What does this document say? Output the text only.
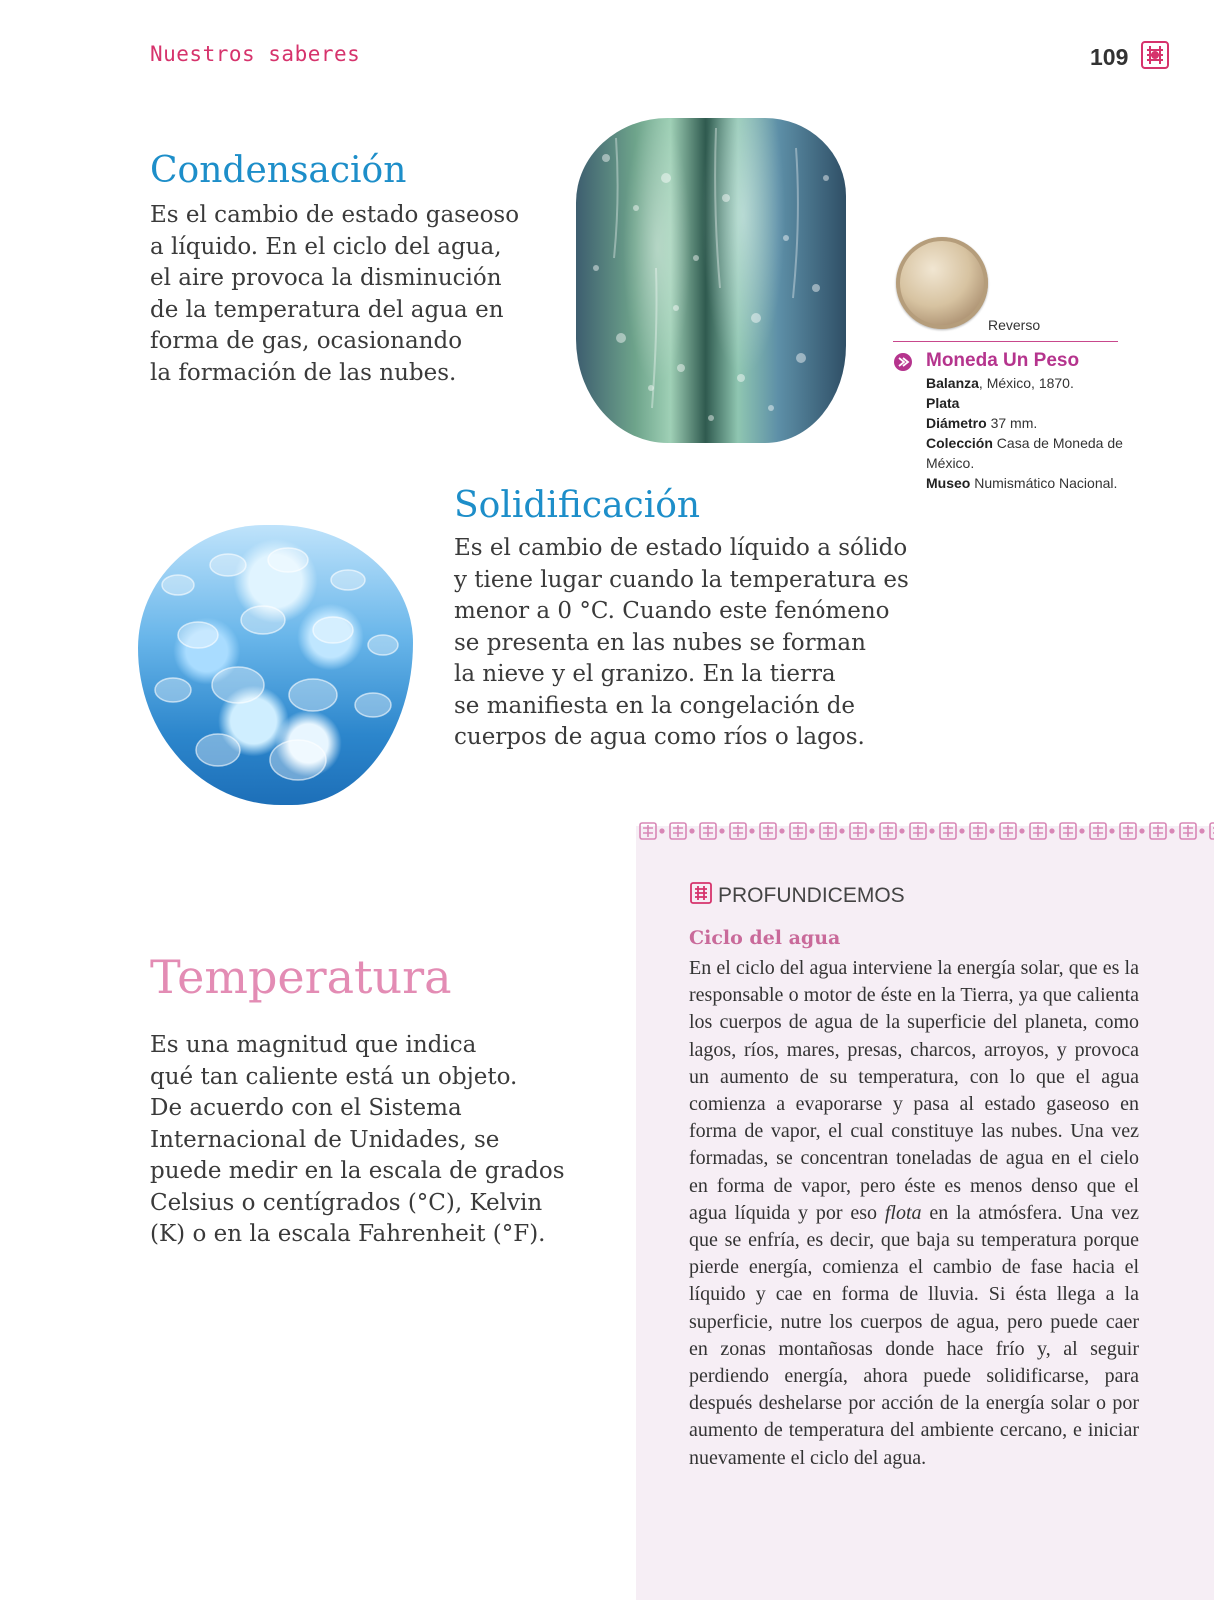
Nuestros saberes	109
Condensación

Es el cambio de estado gaseoso
a líquido. En el ciclo del agua,
el aire provoca la disminución
de la temperatura del agua en
forma de gas, ocasionando
la formación de las nubes.

Reverso
Moneda Un Peso
Balanza, México, 1870.
Plata
Diámetro 37 mm.
Colección Casa de Moneda de México.
Museo Numismático Nacional.
Solidificación

Es el cambio de estado líquido a sólido
y tiene lugar cuando la temperatura es
menor a 0 °C. Cuando este fenómeno
se presenta en las nubes se forman
la nieve y el granizo. En la tierra
se manifiesta en la congelación de
cuerpos de agua como ríos o lagos.

Temperatura

Es una magnitud que indica
qué tan caliente está un objeto.
De acuerdo con el Sistema
Internacional de Unidades, se
puede medir en la escala de grados
Celsius o centígrados (°C), Kelvin
(K) o en la escala Fahrenheit (°F).

PROFUNDICEMOS
Ciclo del agua

En el ciclo del agua interviene la energía solar, que es la responsable o motor de éste en la Tierra, ya que calienta los cuerpos de agua de la superficie del planeta, como lagos, ríos, mares, presas, charcos, arroyos, y provoca un aumento de su temperatura, con lo que el agua comienza a evaporarse y pasa al estado gaseoso en forma de vapor, el cual constituye las nubes. Una vez formadas, se concentran toneladas de agua en el cielo en forma de vapor, pero éste es menos denso que el agua líquida y por eso flota en la atmósfera. Una vez que se enfría, es decir, que baja su temperatura porque pierde energía, comienza el cambio de fase hacia el líquido y cae en forma de lluvia. Si ésta llega a la superficie, nutre los cuerpos de agua, pero puede caer en zonas montañosas donde hace frío y, al seguir perdiendo energía, ahora puede solidificarse, para después deshelarse por acción de la energía solar o por aumento de temperatura del ambiente cercano, e iniciar nuevamente el ciclo del agua.
